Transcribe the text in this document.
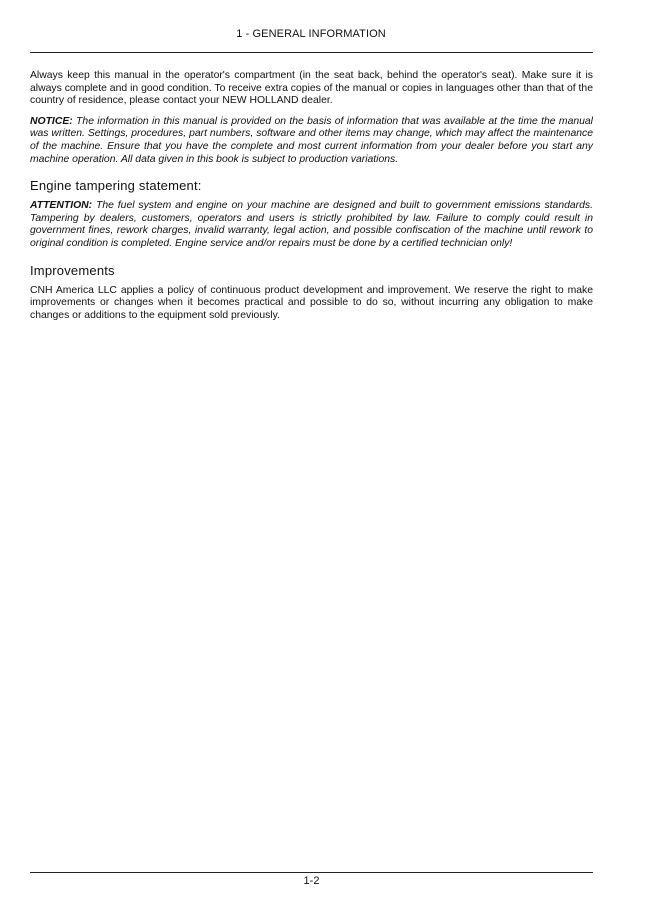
1 - GENERAL INFORMATION

Always keep this manual in the operator's compartment (in the seat back, behind the operator's seat). Make sure it is always complete and in good condition. To receive extra copies of the manual or copies in languages other than that of the country of residence, please contact your NEW HOLLAND dealer.

NOTICE: The information in this manual is provided on the basis of information that was available at the time the manual was written. Settings, procedures, part numbers, software and other items may change, which may affect the maintenance of the machine. Ensure that you have the complete and most current information from your dealer before you start any machine operation. All data given in this book is subject to production variations.

Engine tampering statement:

ATTENTION: The fuel system and engine on your machine are designed and built to government emissions standards. Tampering by dealers, customers, operators and users is strictly prohibited by law. Failure to comply could result in government fines, rework charges, invalid warranty, legal action, and possible confiscation of the machine until rework to original condition is completed. Engine service and/or repairs must be done by a certified technician only!

Improvements

CNH America LLC applies a policy of continuous product development and improvement. We reserve the right to make improvements or changes when it becomes practical and possible to do so, without incurring any obligation to make changes or additions to the equipment sold previously.

1-2
